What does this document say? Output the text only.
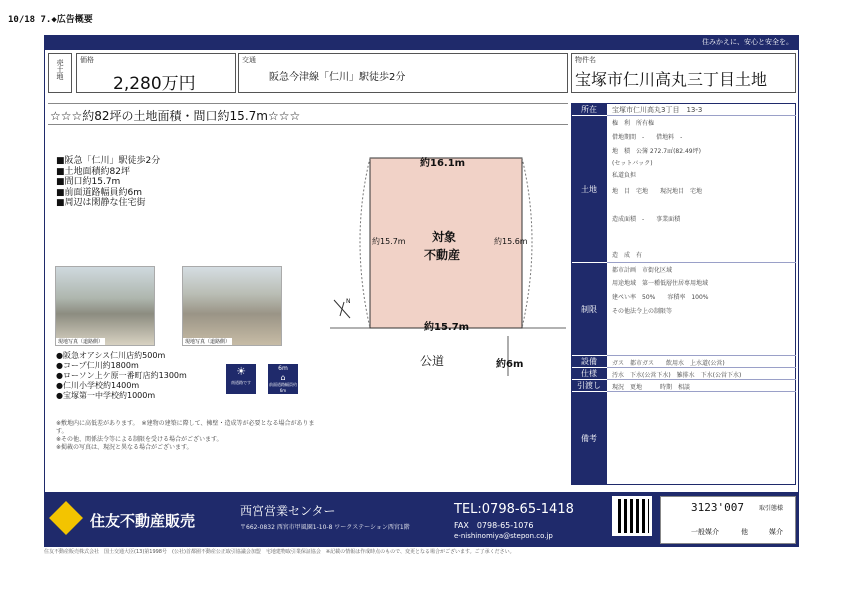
10/18 7.◆広告概要
住みかえに、安心と安全を。
売土地 価格
2,280万円
交通
阪急今津線「仁川」駅徒歩2分
物件名
宝塚市仁川高丸三丁目土地
☆☆☆約82坪の土地面積・間口約15.7m☆☆☆
■阪急「仁川」駅徒歩2分
■土地面積約82坪
■間口約15.7m
■前面道路幅員約6m
■周辺は閑静な住宅街
約16.1m
約15.7m	約15.6m
約15.7m
対象
不動産
公道	約6m
N
現地写真（道路側）	現地写真（道路側）
●阪急オアシス仁川店約500m
●コープ仁川約1800m
●ローソン上ケ原一番町店約1300m
●仁川小学校約1400m
●宝塚第一中学校約1000m
☀
南道路です
6m
⌂
前面道路幅員約6m
※敷地内に高低差があります。　※建物の建築に際して、擁壁・造成等が必要となる場合があります。
※その他、関係法令等による制限を受ける場合がございます。
※掲載の写真は、現況と異なる場合がございます。
所在	宝塚市仁川高丸3丁目　13-3
土地
権　利　所有権
借地期間　-　　借地料　-
地　積　公簿 272.7㎡(82.49坪)
(セットバック)
私道負担
地　目　宅地　　現況地目　宅地
造成面積　-　　事業面積
造　成　有
制限
都市計画　市街化区域
用途地域　第一種低層住居専用地域
建ぺい率　50%　　容積率　100%
その他法令上の制限等
設備	ガス　都市ガス　　飲用水　上水道(公営)
仕様	汚水　下水(公営下水)　雑排水　下水(公営下水)
引渡し	現況　更地　　　時期　相談
備考
住友不動産販売
西宮営業センター
〒662-0832 西宮市甲風園1-10-8 ワークステーション西宮1階
TEL:0798-65-1418
FAX　0798-65-1076
e-nishinomiya@stepon.co.jp
3123'007	取引態様
一般媒介	他	媒介
住友不動産販売株式会社　国土交通大臣(13)第1998号　(公社)首都圏不動産公正取引協議会加盟　宅地建物取引業保証協会　※記載の情報は作成時点のもので、変更となる場合がございます。ご了承ください。
